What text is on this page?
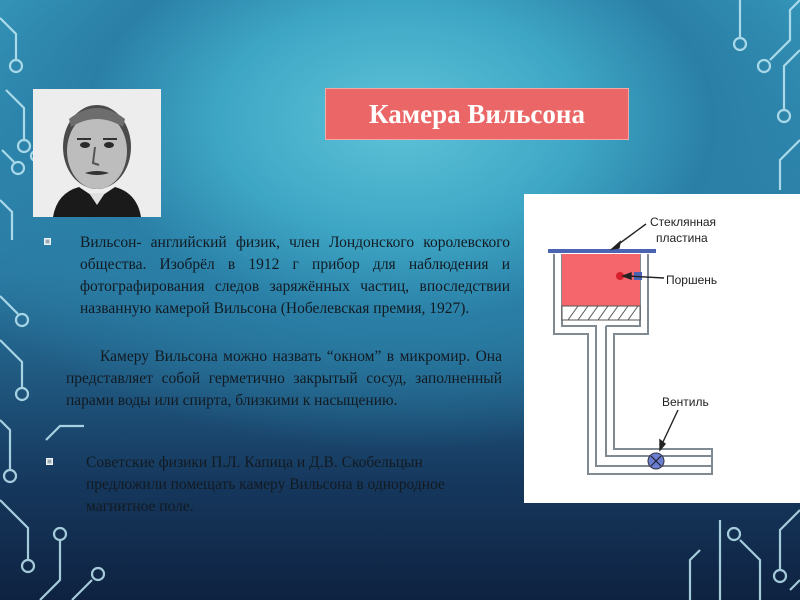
Камера Вильсона
Стеклянная
пластина
Поршень
Вентиль
Вильсон- английский физик, член Лондонского королевского общества. Изобрёл в 1912 г прибор для наблюдения и фотографирования следов заряжённых частиц, впоследствии названную камерой Вильсона (Нобелевская премия, 1927).
Камеру Вильсона можно назвать “окном” в микромир. Она представляет собой герметично закрытый сосуд, заполненный парами воды или спирта, близкими к насыщению.
Советские физики П.Л. Капица и Д.В. Скобельцын
предложили помещать камеру Вильсона в однородное
магнитное поле.
